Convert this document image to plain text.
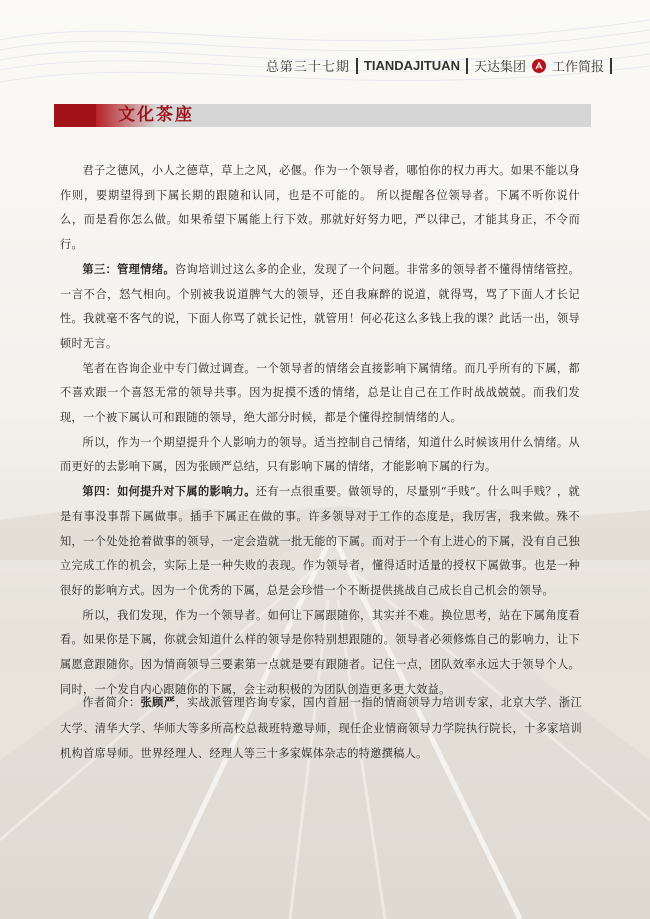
总第三十七期 TIANDAJITUAN 天达集团 工作简报
文化茶座

君子之德风，小人之德草，草上之风，必偃。作为一个领导者，哪怕你的权力再大。如果不能以身作则，要期望得到下属长期的跟随和认同，也是不可能的。 所以提醒各位领导者。下属不听你说什么，而是看你怎么做。如果希望下属能上行下效。那就好好努力吧，严以律己，才能其身正，不令而行。

第三：管理情绪。咨询培训过这么多的企业，发现了一个问题。非常多的领导者不懂得情绪管控。一言不合，怒气相向。个别被我说道脾气大的领导，还自我麻醉的说道，就得骂，骂了下面人才长记性。我就毫不客气的说，下面人你骂了就长记性，就管用！何必花这么多钱上我的课？此话一出，领导顿时无言。

笔者在咨询企业中专门做过调查。一个领导者的情绪会直接影响下属情绪。而几乎所有的下属，都不喜欢跟一个喜怒无常的领导共事。因为捉摸不透的情绪，总是让自己在工作时战战兢兢。而我们发现，一个被下属认可和跟随的领导，绝大部分时候，都是个懂得控制情绪的人。

所以，作为一个期望提升个人影响力的领导。适当控制自己情绪，知道什么时候该用什么情绪。从而更好的去影响下属，因为张顾严总结，只有影响下属的情绪，才能影响下属的行为。

第四：如何提升对下属的影响力。还有一点很重要。做领导的，尽量别“手贱”。什么叫手贱？，就是有事没事帮下属做事。插手下属正在做的事。许多领导对于工作的态度是，我厉害，我来做。殊不知，一个处处抢着做事的领导，一定会造就一批无能的下属。而对于一个有上进心的下属，没有自己独立完成工作的机会，实际上是一种失败的表现。作为领导者，懂得适时适量的授权下属做事。也是一种很好的影响方式。因为一个优秀的下属，总是会珍惜一个不断提供挑战自己成长自己机会的领导。

所以，我们发现，作为一个领导者。如何让下属跟随你，其实并不难。换位思考，站在下属角度看看。如果你是下属，你就会知道什么样的领导是你特别想跟随的。领导者必须修炼自己的影响力，让下属愿意跟随你。因为情商领导三要素第一点就是要有跟随者。记住一点，团队效率永远大于领导个人。同时，一个发自内心跟随你的下属，会主动积极的为团队创造更多更大效益。

作者简介：张顾严，实战派管理咨询专家，国内首屈一指的情商领导力培训专家，北京大学、浙江大学、清华大学、华师大等多所高校总裁班特邀导师，现任企业情商领导力学院执行院长，十多家培训机构首席导师。世界经理人、经理人等三十多家媒体杂志的特邀撰稿人。
